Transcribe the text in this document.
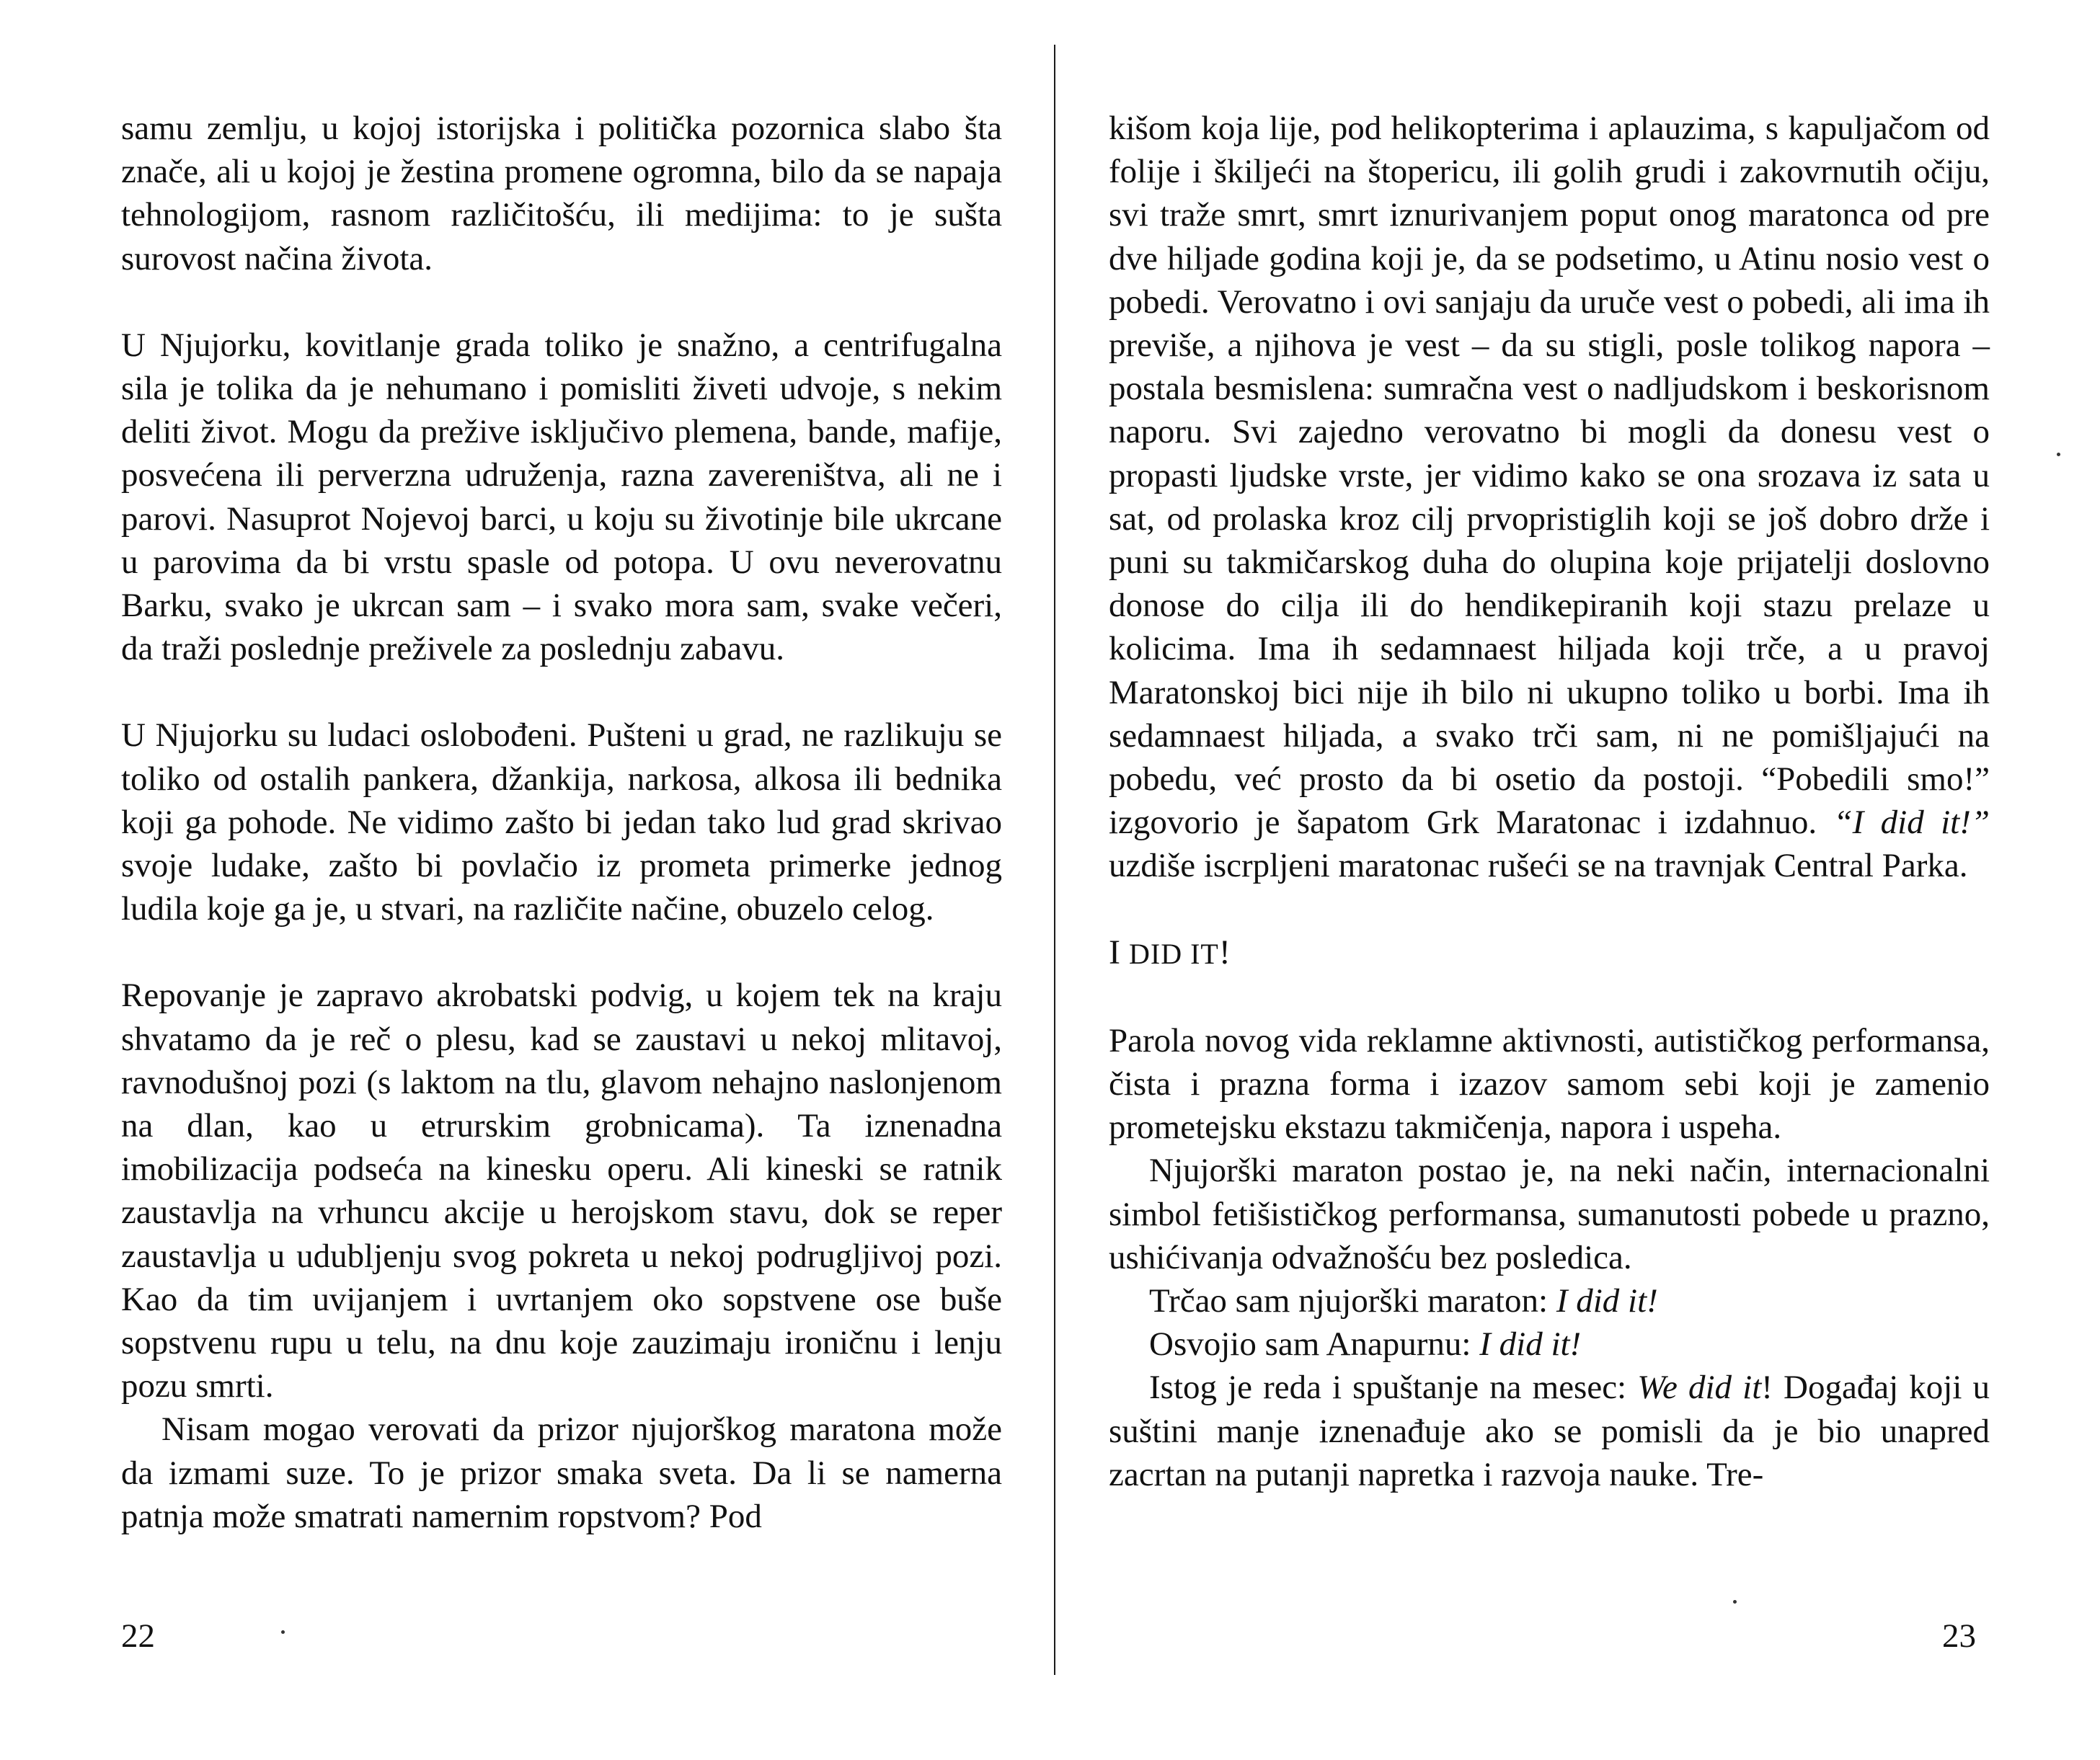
samu zemlju, u kojoj istorijska i politička pozornica slabo šta znače, ali u kojoj je žestina promene ogromna, bilo da se napaja tehnologijom, rasnom različitošću, ili medijima: to je sušta surovost načina života.

U Njujorku, kovitlanje grada toliko je snažno, a centrifugalna sila je tolika da je nehumano i pomisliti živeti udvoje, s nekim deliti život. Mogu da prežive isključivo plemena, bande, mafije, posvećena ili perverzna udruženja, razna zavereništva, ali ne i parovi. Nasuprot Nojevoj barci, u koju su životinje bile ukrcane u parovima da bi vrstu spasle od potopa. U ovu neverovatnu Barku, svako je ukrcan sam – i svako mora sam, svake večeri, da traži poslednje preživele za poslednju zabavu.

U Njujorku su ludaci oslobođeni. Pušteni u grad, ne razlikuju se toliko od ostalih pankera, džankija, narkosa, alkosa ili bednika koji ga pohode. Ne vidimo zašto bi jedan tako lud grad skrivao svoje ludake, zašto bi povlačio iz prometa primerke jednog ludila koje ga je, u stvari, na različite načine, obuzelo celog.

Repovanje je zapravo akrobatski podvig, u kojem tek na kraju shvatamo da je reč o plesu, kad se zaustavi u nekoj mlitavoj, ravnodušnoj pozi (s laktom na tlu, glavom nehajno naslonjenom na dlan, kao u etrurskim grobnicama). Ta iznenadna imobilizacija podseća na kinesku operu. Ali kineski se ratnik zaustavlja na vrhuncu akcije u herojskom stavu, dok se reper zaustavlja u udubljenju svog pokreta u nekoj podrugljivoj pozi. Kao da tim uvijanjem i uvrtanjem oko sopstvene ose buše sopstvenu rupu u telu, na dnu koje zauzimaju ironičnu i lenju pozu smrti.

Nisam mogao verovati da prizor njujorškog maratona može da izmami suze. To je prizor smaka sveta. Da li se namerna patnja može smatrati namernim ropstvom? Pod

22

kišom koja lije, pod helikopterima i aplauzima, s kapuljačom od folije i škiljeći na štopericu, ili golih grudi i zakovrnutih očiju, svi traže smrt, smrt iznurivanjem poput onog maratonca od pre dve hiljade godina koji je, da se podsetimo, u Atinu nosio vest o pobedi. Verovatno i ovi sanjaju da uruče vest o pobedi, ali ima ih previše, a njihova je vest – da su stigli, posle tolikog napora – postala besmislena: sumračna vest o nadljudskom i beskorisnom naporu. Svi zajedno verovatno bi mogli da donesu vest o propasti ljudske vrste, jer vidimo kako se ona srozava iz sata u sat, od prolaska kroz cilj prvopristiglih koji se još dobro drže i puni su takmičarskog duha do olupina koje prijatelji doslovno donose do cilja ili do hendikepiranih koji stazu prelaze u kolicima. Ima ih sedamnaest hiljada koji trče, a u pravoj Maratonskoj bici nije ih bilo ni ukupno toliko u borbi. Ima ih sedamnaest hiljada, a svako trči sam, ni ne pomišljajući na pobedu, već prosto da bi osetio da postoji. “Pobedili smo!” izgovorio je šapatom Grk Maratonac i izdahnuo. “I did it!” uzdiše iscrpljeni maratonac rušeći se na travnjak Central Parka.

I DID IT!

Parola novog vida reklamne aktivnosti, autističkog performansa, čista i prazna forma i izazov samom sebi koji je zamenio prometejsku ekstazu takmičenja, napora i uspeha.

Njujorški maraton postao je, na neki način, internacionalni simbol fetišističkog performansa, sumanutosti pobede u prazno, ushićivanja odvažnošću bez posledica.

Trčao sam njujorški maraton: I did it!

Osvojio sam Anapurnu: I did it!

Istog je reda i spuštanje na mesec: We did it! Događaj koji u suštini manje iznenađuje ako se pomisli da je bio unapred zacrtan na putanji napretka i razvoja nauke. Tre-

23
